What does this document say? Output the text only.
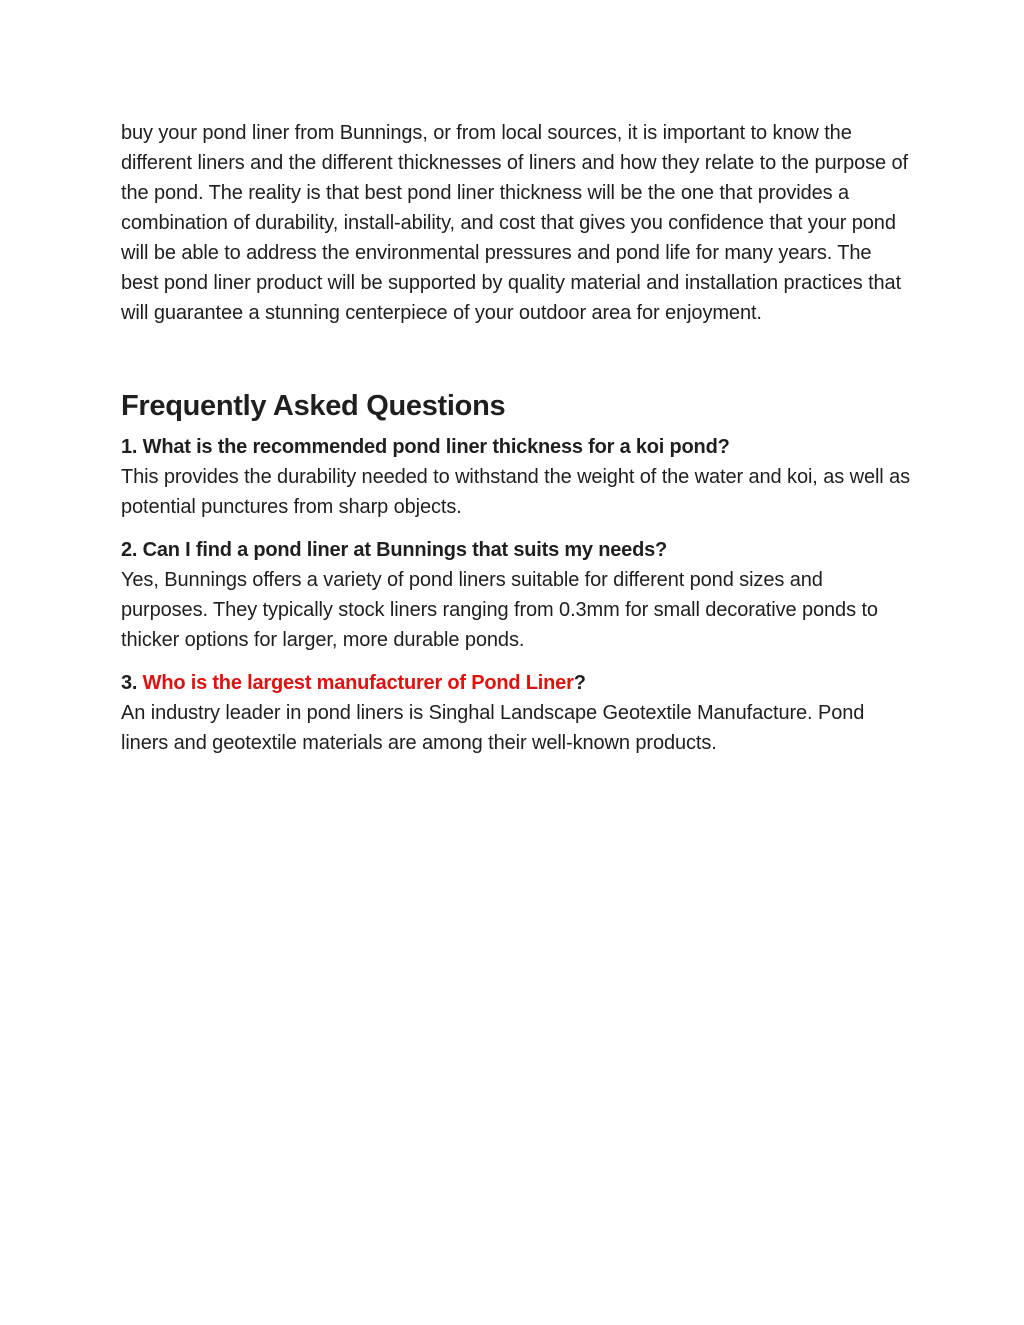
buy your pond liner from Bunnings, or from local sources, it is important to know the different liners and the different thicknesses of liners and how they relate to the purpose of the pond. The reality is that best pond liner thickness will be the one that provides a combination of durability, install-ability, and cost that gives you confidence that your pond will be able to address the environmental pressures and pond life for many years. The best pond liner product will be supported by quality material and installation practices that will guarantee a stunning centerpiece of your outdoor area for enjoyment.

Frequently Asked Questions

1. What is the recommended pond liner thickness for a koi pond?

This provides the durability needed to withstand the weight of the water and koi, as well as potential punctures from sharp objects.

2. Can I find a pond liner at Bunnings that suits my needs?

Yes, Bunnings offers a variety of pond liners suitable for different pond sizes and purposes. They typically stock liners ranging from 0.3mm for small decorative ponds to thicker options for larger, more durable ponds.

3. Who is the largest manufacturer of Pond Liner?

An industry leader in pond liners is Singhal Landscape Geotextile Manufacture. Pond liners and geotextile materials are among their well-known products.
